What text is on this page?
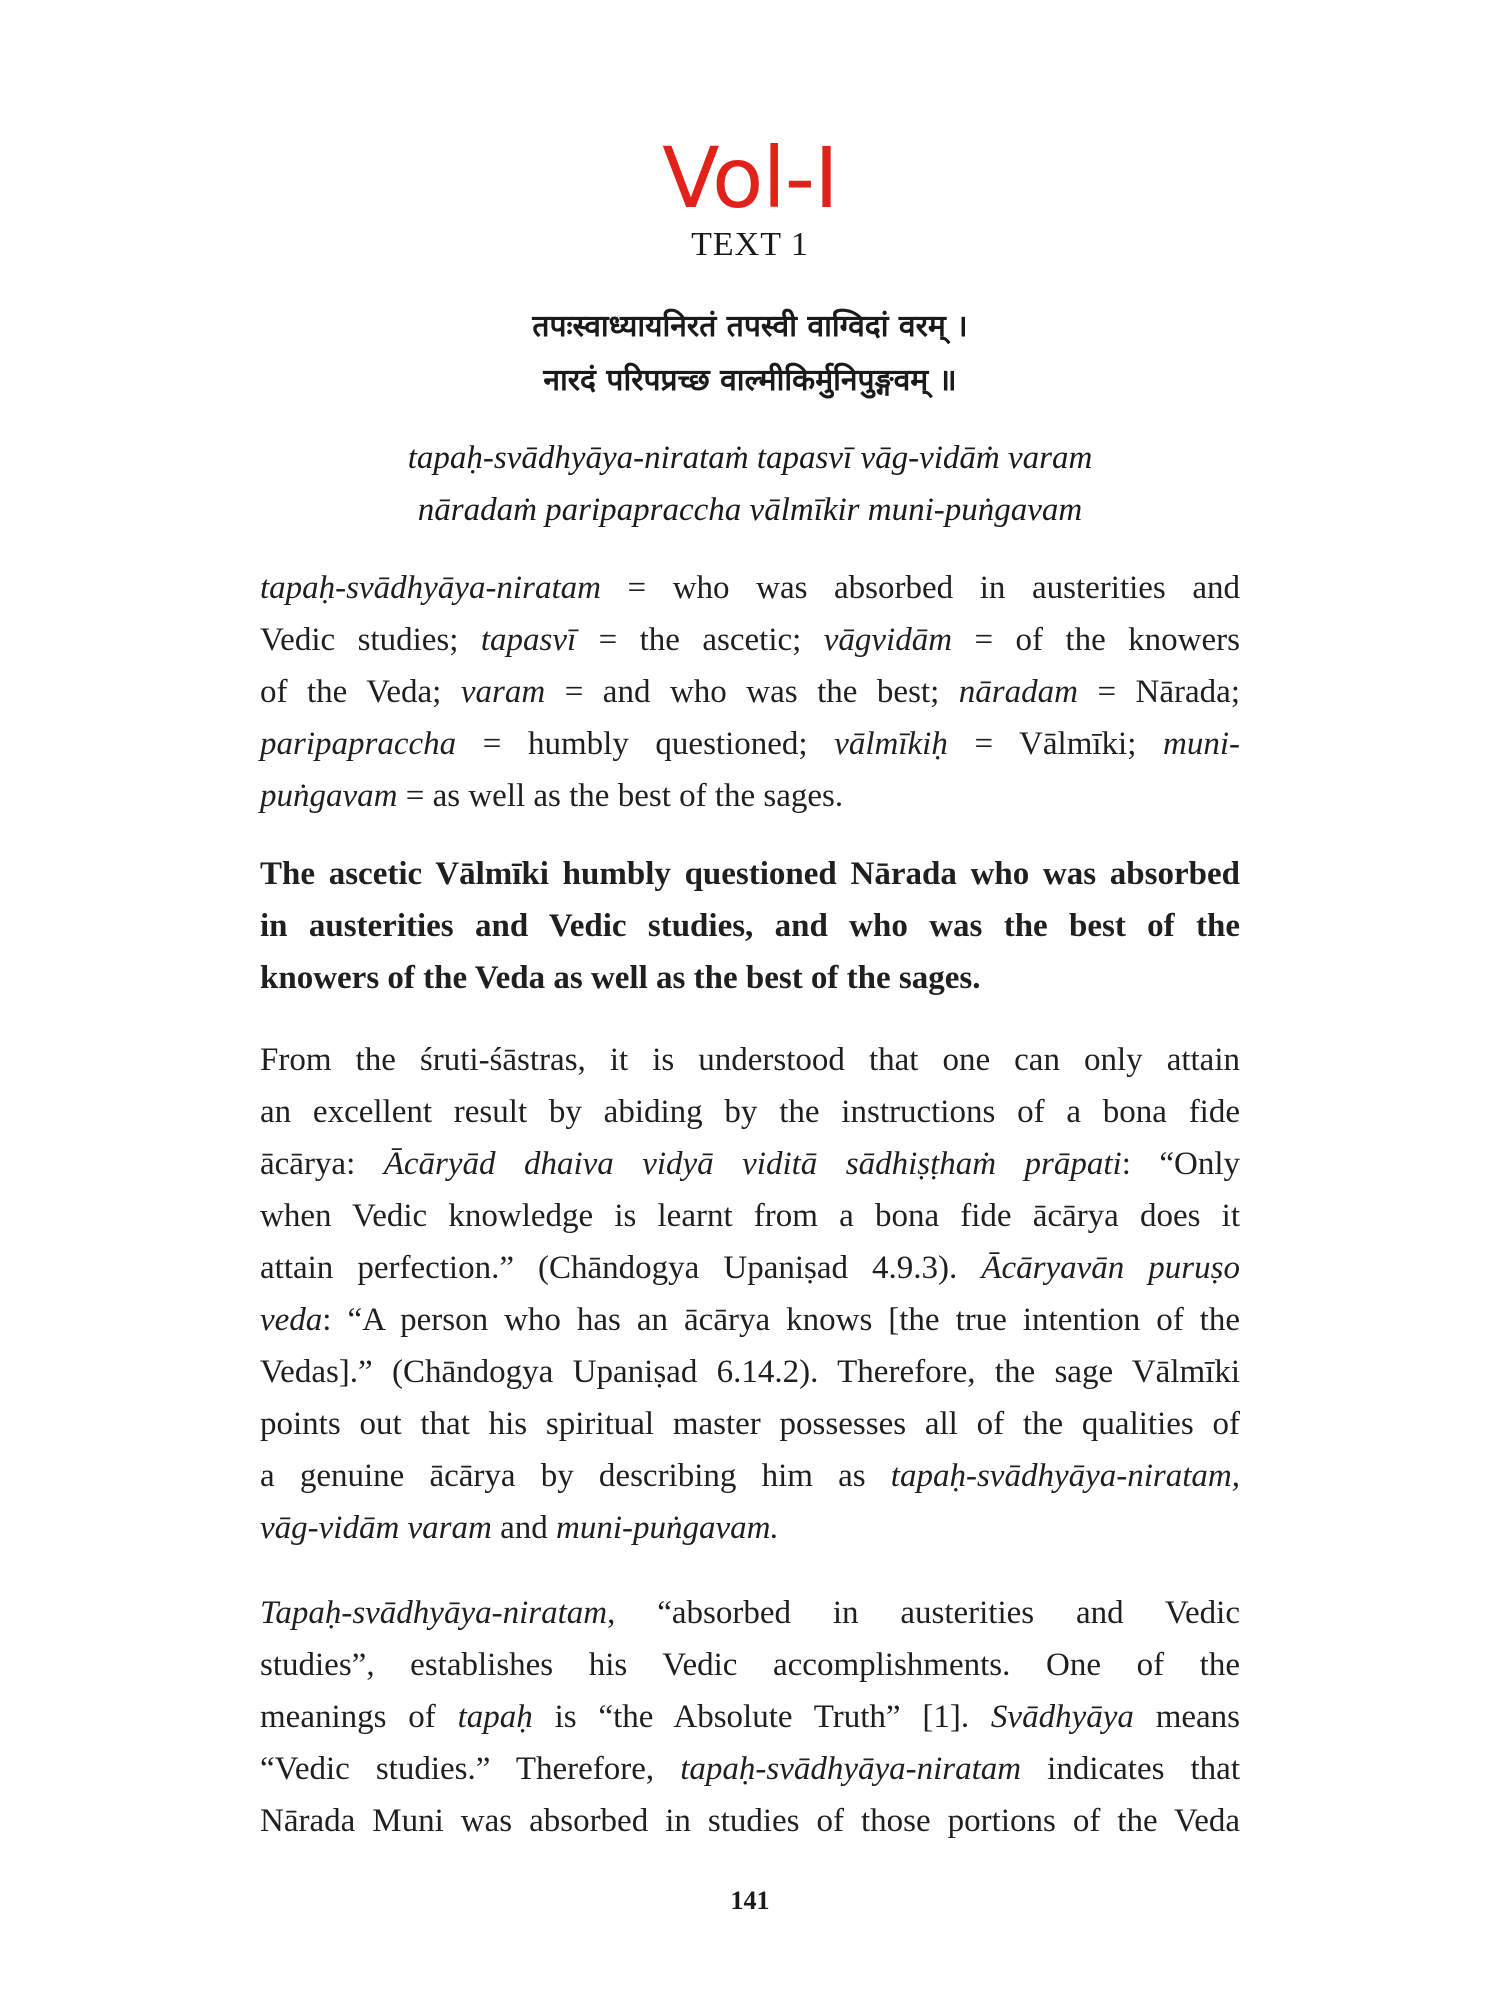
Vol-I
TEXT 1
तपःस्वाध्यायनिरतं तपस्वी वाग्विदां वरम् ।
नारदं परिपप्रच्छ वाल्मीकिर्मुनिपुङ्गवम् ॥
tapaḥ-svādhyāya-nirataṁ tapasvī vāg-vidāṁ varam
nāradaṁ paripapraccha vālmīkir muni-puṅgavam
tapaḥ-svādhyāya-niratam = who was absorbed in austerities and
Vedic studies; tapasvī = the ascetic; vāgvidām = of the knowers
of the Veda; varam = and who was the best; nāradam = Nārada;
paripapraccha = humbly questioned; vālmīkiḥ = Vālmīki; muni-
puṅgavam = as well as the best of the sages.
The ascetic Vālmīki humbly questioned Nārada who was absorbed
in austerities and Vedic studies, and who was the best of the
knowers of the Veda as well as the best of the sages.
From the śruti-śāstras, it is understood that one can only attain
an excellent result by abiding by the instructions of a bona fide
ācārya: Ācāryād dhaiva vidyā viditā sādhiṣṭhaṁ prāpati: “Only
when Vedic knowledge is learnt from a bona fide ācārya does it
attain perfection.” (Chāndogya Upaniṣad 4.9.3). Ācāryavān puruṣo
veda: “A person who has an ācārya knows [the true intention of the
Vedas].” (Chāndogya Upaniṣad 6.14.2). Therefore, the sage Vālmīki
points out that his spiritual master possesses all of the qualities of
a genuine ācārya by describing him as tapaḥ-svādhyāya-niratam,
vāg-vidām varam and muni-puṅgavam.
Tapaḥ-svādhyāya-niratam, “absorbed in austerities and Vedic
studies”, establishes his Vedic accomplishments. One of the
meanings of tapaḥ is “the Absolute Truth” [1]. Svādhyāya means
“Vedic studies.” Therefore, tapaḥ-svādhyāya-niratam indicates that
Nārada Muni was absorbed in studies of those portions of the Veda
141
